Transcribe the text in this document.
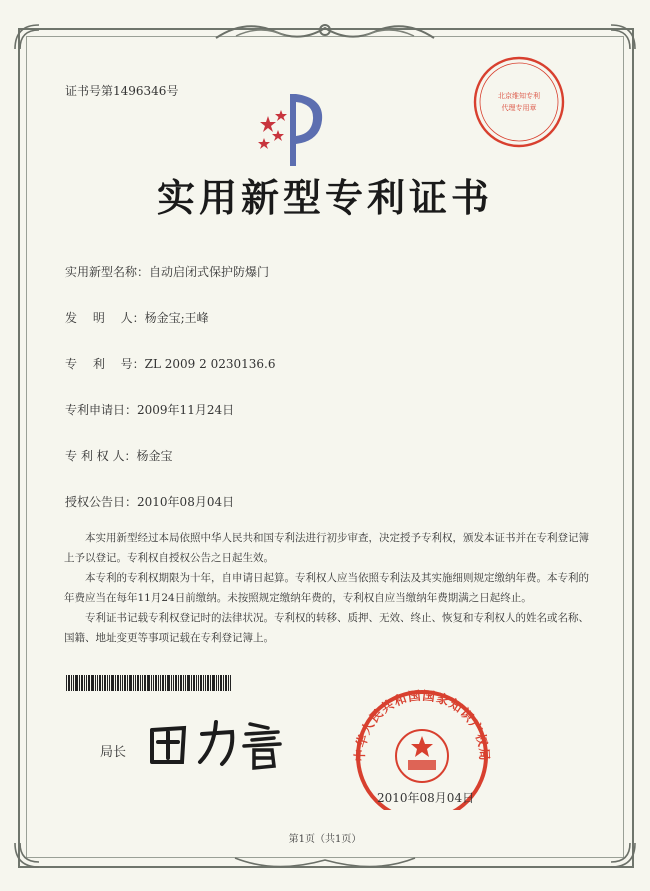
证书号第1496346号	北京维知专利
代理专用章
实用新型专利证书
实用新型名称：自动启闭式保护防爆门
发　 明　 人：杨金宝;王峰
专　 利　 号：ZL 2009 2 0230136.6
专利申请日：2009年11月24日
专 利 权 人：杨金宝
授权公告日：2010年08月04日

本实用新型经过本局依照中华人民共和国专利法进行初步审查，决定授予专利权，颁发本证书并在专利登记簿上予以登记。专利权自授权公告之日起生效。

本专利的专利权期限为十年，自申请日起算。专利权人应当依照专利法及其实施细则规定缴纳年费。本专利的年费应当在每年11月24日前缴纳。未按照规定缴纳年费的，专利权自应当缴纳年费期满之日起终止。

专利证书记载专利权登记时的法律状况。专利权的转移、质押、无效、终止、恢复和专利权人的姓名或名称、国籍、地址变更等事项记载在专利登记簿上。

局长	中华人民共和国国家知识产权局
2010年08月04日
第1页（共1页）
